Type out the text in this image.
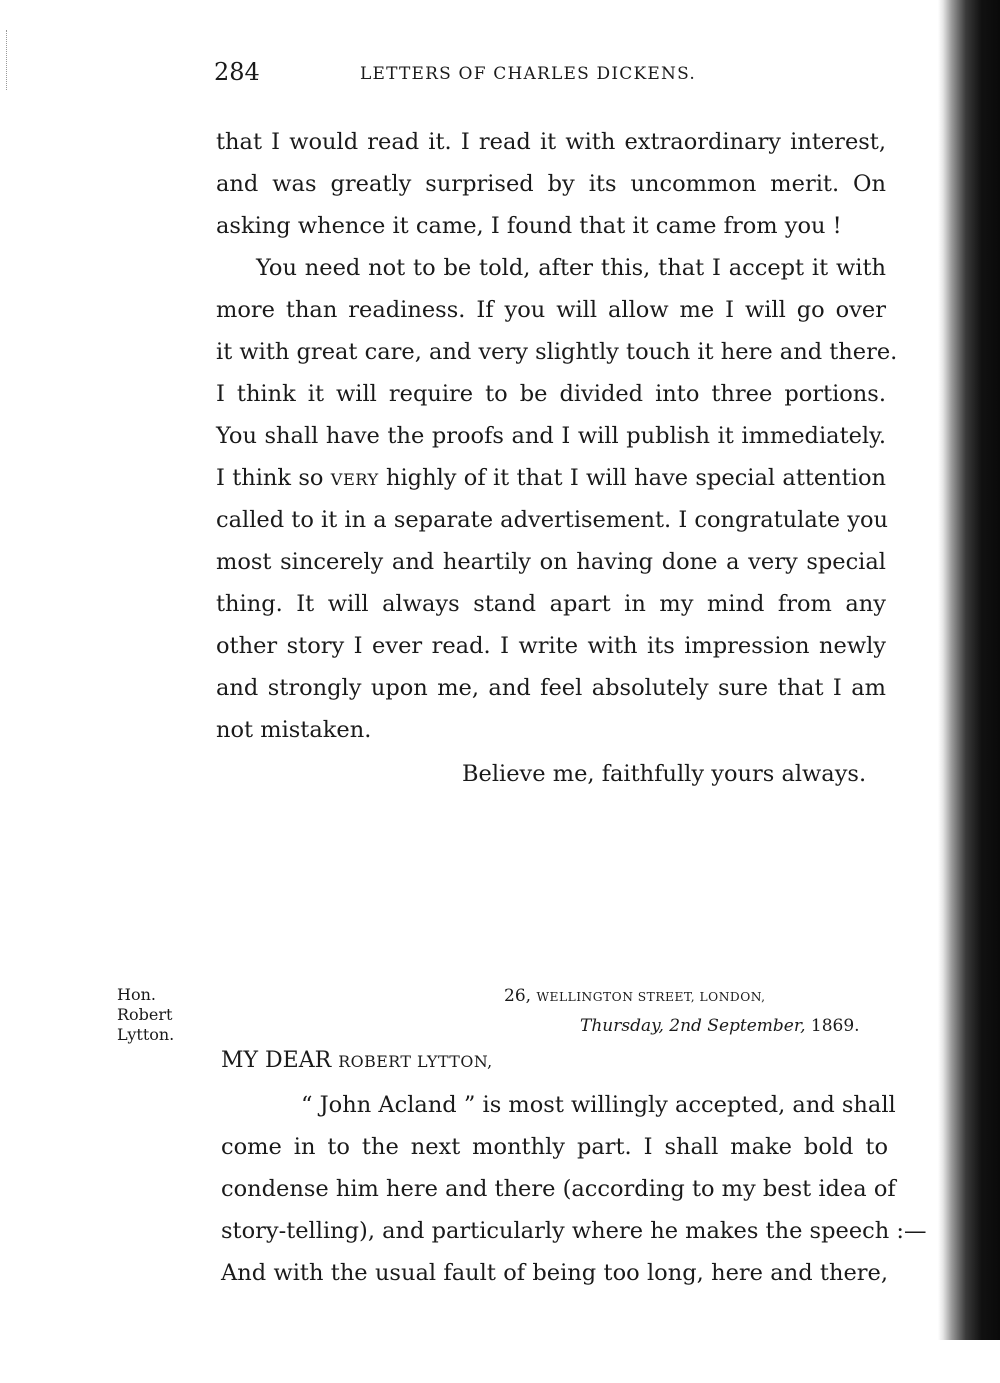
284	LETTERS OF CHARLES DICKENS.
that I would read it. I read it with extraordinary interest,
and was greatly surprised by its uncommon merit. On
asking whence it came, I found that it came from you !
You need not to be told, after this, that I accept it with
more than readiness. If you will allow me I will go over
it with great care, and very slightly touch it here and there.
I think it will require to be divided into three portions.
You shall have the proofs and I will publish it immediately.
I think so VERY highly of it that I will have special attention
called to it in a separate advertisement. I congratulate you
most sincerely and heartily on having done a very special
thing. It will always stand apart in my mind from any
other story I ever read. I write with its impression newly
and strongly upon me, and feel absolutely sure that I am
not mistaken.
Believe me, faithfully yours always.
Hon.
Robert
Lytton.
26, WELLINGTON STREET, LONDON,
Thursday, 2nd September, 1869.
MY DEAR ROBERT LYTTON,
“ John Acland ” is most willingly accepted, and shall
come in to the next monthly part. I shall make bold to
condense him here and there (according to my best idea of
story-telling), and particularly where he makes the speech :—
And with the usual fault of being too long, here and there,
